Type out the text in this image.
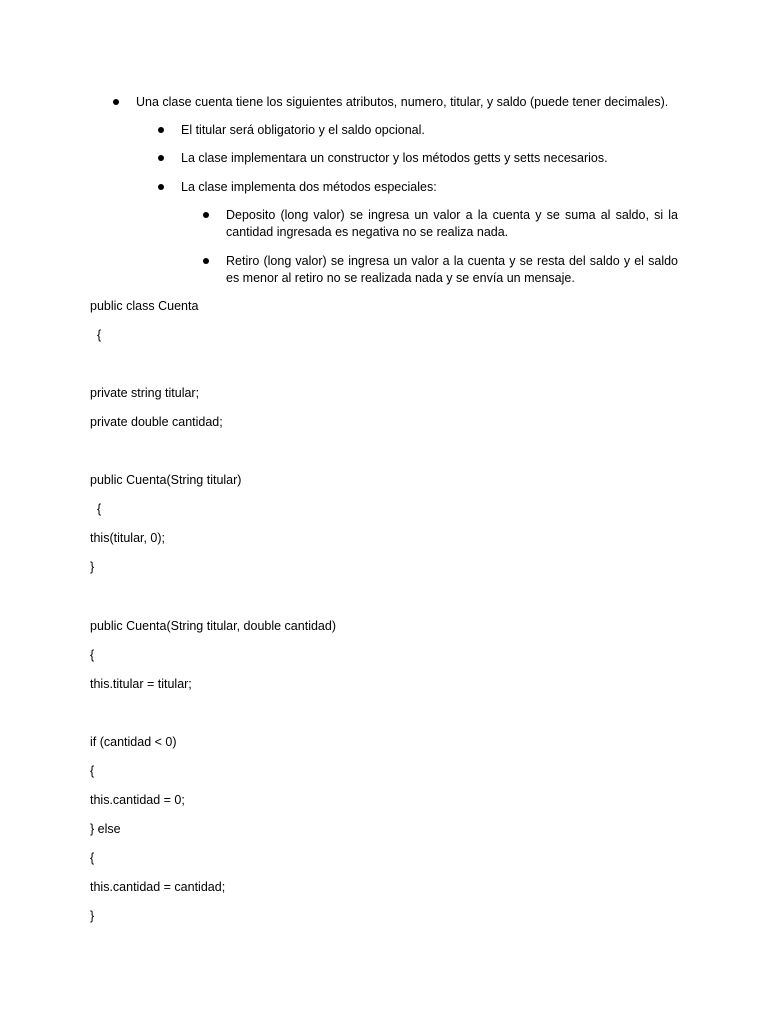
Una clase cuenta tiene los siguientes atributos, numero, titular, y saldo (puede tener decimales).
El titular será obligatorio y el saldo opcional.
La clase implementara un constructor y los métodos getts y setts necesarios.
La clase implementa dos métodos especiales:
Deposito (long valor) se ingresa un valor a la cuenta y se suma al saldo, si la cantidad ingresada es negativa no se realiza nada.
Retiro (long valor) se ingresa un valor a la cuenta y se resta del saldo y el saldo es menor al retiro no se realizada nada y se envía un mensaje.
public class Cuenta
{
private string titular;
private double cantidad;
public Cuenta(String titular)
{
this(titular, 0);
}
public Cuenta(String titular, double cantidad)
{
this.titular = titular;
if (cantidad < 0)
{
this.cantidad = 0;
} else
{
this.cantidad = cantidad;
}
